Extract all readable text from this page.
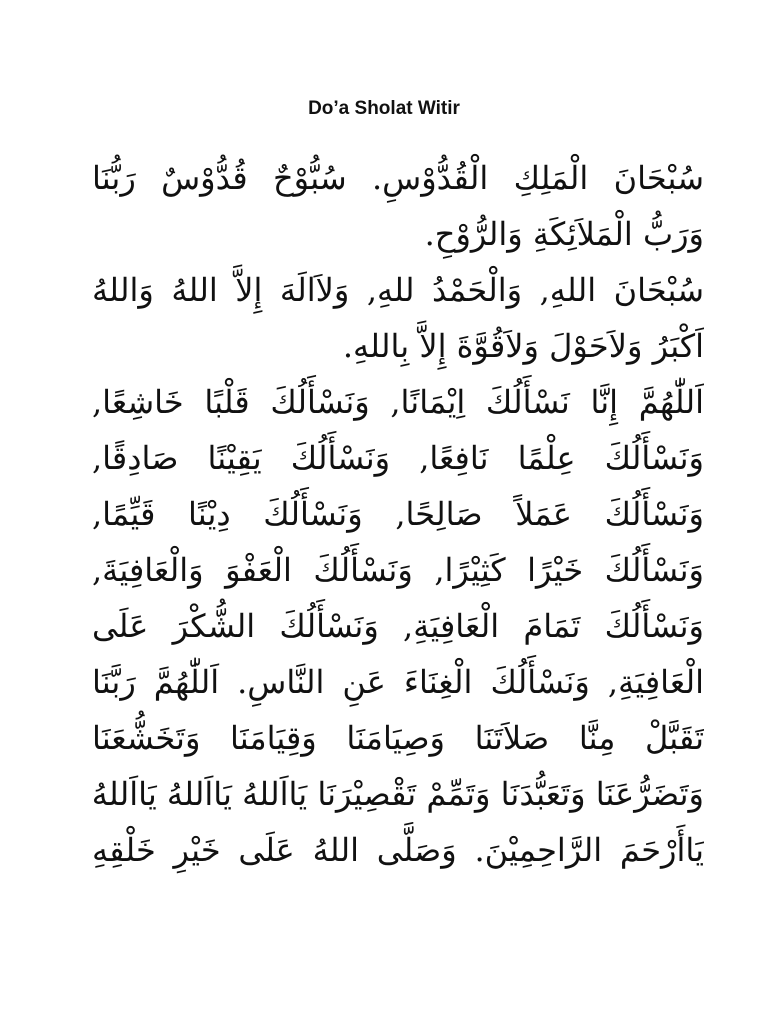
Do’a Sholat Witir
سُبْحَانَ الْمَلِكِ الْقُدُّوْسِ. سُبُّوْحٌ قُدُّوْسٌ رَبُّنَا
وَرَبُّ الْمَلاَئِكَةِ وَالرُّوْحِ.
سُبْحَانَ اللهِ, وَالْحَمْدُ للهِ, وَلاَالَهَ إِلاَّ اللهُ وَاللهُ
اَكْبَرُ وَلاَحَوْلَ وَلاَقُوَّةَ إِلاَّ بِاللهِ.
اَللّٰهُمَّ إِنَّا نَسْأَلُكَ اِيْمَانًا, وَنَسْأَلُكَ قَلْبًا خَاشِعًا,
وَنَسْأَلُكَ عِلْمًا نَافِعًا, وَنَسْأَلُكَ يَقِيْنًا صَادِقًا,
وَنَسْأَلُكَ عَمَلاً صَالِحًا, وَنَسْأَلُكَ دِيْنًا قَيِّمًا,
وَنَسْأَلُكَ خَيْرًا كَثِيْرًا, وَنَسْأَلُكَ الْعَفْوَ وَالْعَافِيَةَ,
وَنَسْأَلُكَ تَمَامَ الْعَافِيَةِ, وَنَسْأَلُكَ الشُّكْرَ عَلَى
الْعَافِيَةِ, وَنَسْأَلُكَ الْغِنَاءَ عَنِ النَّاسِ. اَللّٰهُمَّ رَبَّنَا
تَقَبَّلْ مِنَّا صَلاَتَنَا وَصِيَامَنَا وَقِيَامَنَا وَتَخَشُّعَنَا
وَتَضَرُّعَنَا وَتَعَبُّدَنَا وَتَمِّمْ تَقْصِيْرَنَا يَااَللهُ يَااَللهُ يَااَللهُ
يَاأَرْحَمَ الرَّاحِمِيْنَ. وَصَلَّى اللهُ عَلَى خَيْرِ خَلْقِهِ
